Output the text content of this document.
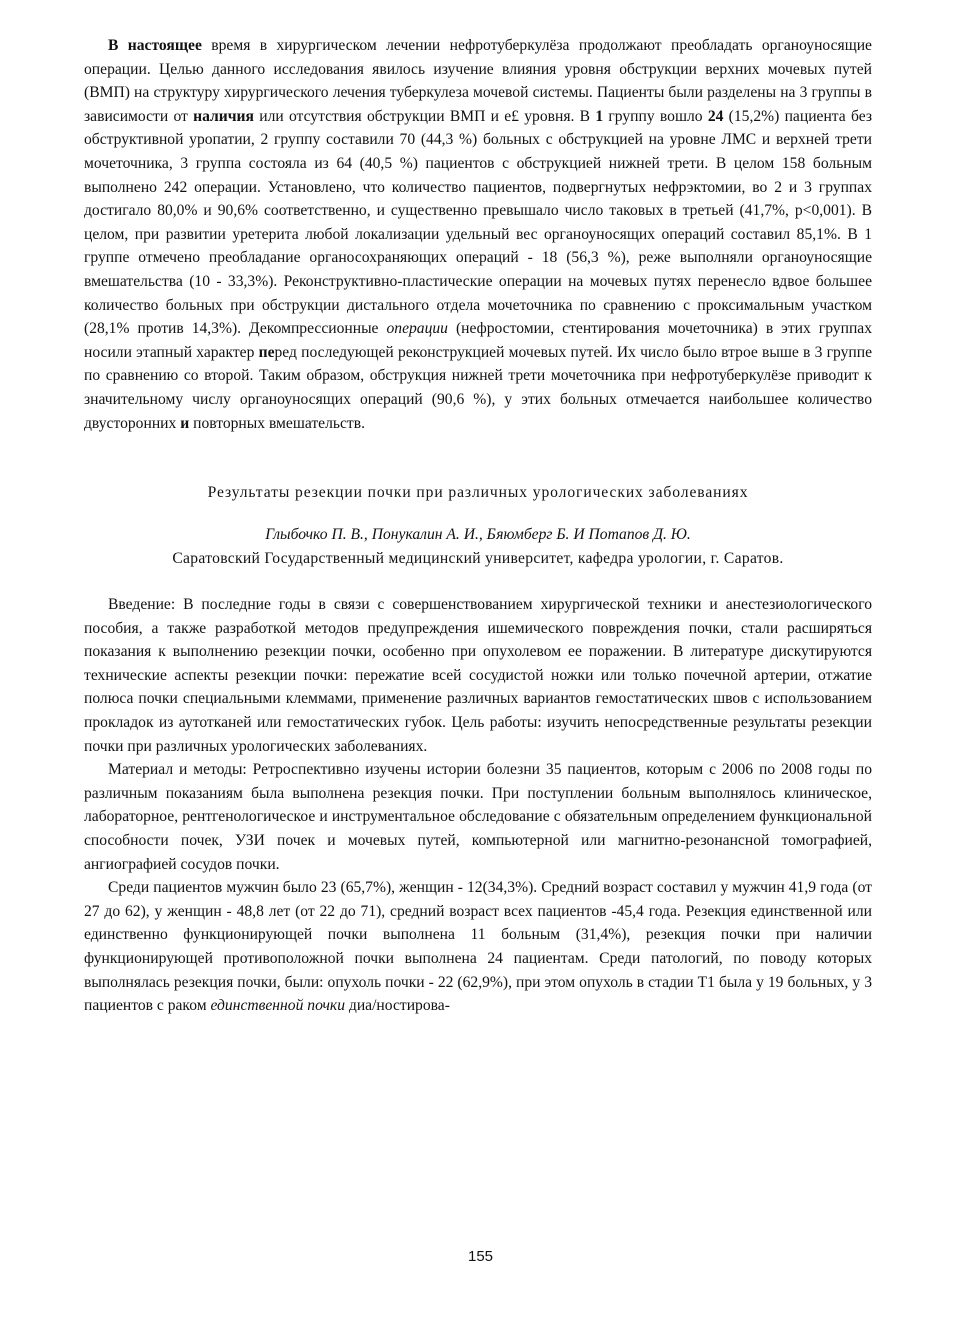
В настоящее время в хирургическом лечении нефротуберкулёза продолжают преобладать органоуносящие операции. Целью данного исследования явилось изучение влияния уровня обструкции верхних мочевых путей (ВМП) на структуру хирургического лечения туберкулеза мочевой системы. Пациенты были разделены на 3 группы в зависимости от наличия или отсутствия обструкции ВМП и е£ уровня. В 1 группу вошло 24 (15,2%) пациента без обструктивной уропатии, 2 группу составили 70 (44,3 %) больных с обструкцией на уровне ЛМС и верхней трети мочеточника, 3 группа состояла из 64 (40,5 %) пациентов с обструкцией нижней трети. В целом 158 больным выполнено 242 операции. Установлено, что количество пациентов, подвергнутых нефрэктомии, во 2 и 3 группах достигало 80,0% и 90,6% соответственно, и существенно превышало число таковых в третьей (41,7%, р<0,001). В целом, при развитии уретерита любой локализации удельный вес органоуносящих операций составил 85,1%. В 1 группе отмечено преобладание органосохраняющих операций - 18 (56,3 %), реже выполняли органоуносящие вмешательства (10 - 33,3%). Реконструктивно-пластические операции на мочевых путях перенесло вдвое большее количество больных при обструкции дистального отдела мочеточника по сравнению с проксимальным участком (28,1% против 14,3%). Декомпрессионные операции (нефростомии, стентирования мочеточника) в этих группах носили этапный характер перед последующей реконструкцией мочевых путей. Их число было втрое выше в 3 группе по сравнению со второй. Таким образом, обструкция нижней трети мочеточника при нефротуберкулёзе приводит к значительному числу органоуносящих операций (90,6 %), у этих больных отмечается наибольшее количество двусторонних и повторных вмешательств.

Результаты резекции почки при различных урологических заболеваниях

Глыбочко П. В., Понукалин А. И., Бяюмберг Б. И Потапов Д. Ю.

Саратовский Государственный медицинский университет, кафедра урологии, г. Саратов.

Введение: В последние годы в связи с совершенствованием хирургической техники и анестезиологического пособия, а также разработкой методов предупреждения ишемического повреждения почки, стали расширяться показания к выполнению резекции почки, особенно при опухолевом ее поражении. В литературе дискутируются технические аспекты резекции почки: пережатие всей сосудистой ножки или только почечной артерии, отжатие полюса почки специальными клеммами, применение различных вариантов гемостатических швов с использованием прокладок из аутотканей или гемостатических губок. Цель работы: изучить непосредственные результаты резекции почки при различных урологических заболеваниях.

Материал и методы: Ретроспективно изучены истории болезни 35 пациентов, которым с 2006 по 2008 годы по различным показаниям была выполнена резекция почки. При поступлении больным выполнялось клиническое, лабораторное, рентгенологическое и инструментальное обследование с обязательным определением функциональной способности почек, УЗИ почек и мочевых путей, компьютерной или магнитно-резонансной томографией, ангиографией сосудов почки.

Среди пациентов мужчин было 23 (65,7%), женщин - 12(34,3%). Средний возраст составил у мужчин 41,9 года (от 27 до 62), у женщин - 48,8 лет (от 22 до 71), средний возраст всех пациентов -45,4 года. Резекция единственной или единственно функционирующей почки выполнена 11 больным (31,4%), резекция почки при наличии функционирующей противоположной почки выполнена 24 пациентам. Среди патологий, по поводу которых выполнялась резекция почки, были: опухоль почки - 22 (62,9%), при этом опухоль в стадии Т1 была у 19 больных, у 3 пациентов с раком единственной почки диа/ностирова-

155
